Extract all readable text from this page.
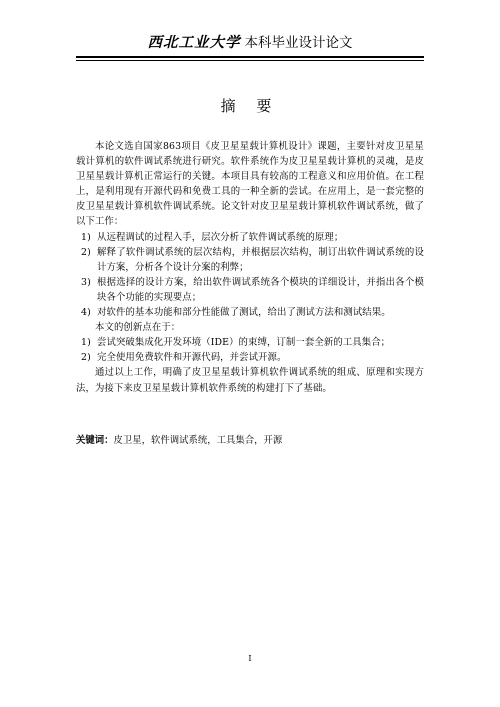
西北工业大学 本科毕业设计论文
摘 要

本论文选自国家863项目《皮卫星星载计算机设计》课题，主要针对皮卫星星载计算机的软件调试系统进行研究。软件系统作为皮卫星星载计算机的灵魂，是皮卫星星载计算机正常运行的关键。本项目具有较高的工程意义和应用价值。在工程上，是利用现有开源代码和免费工具的一种全新的尝试。在应用上，是一套完整的皮卫星星载计算机软件调试系统。论文针对皮卫星星载计算机软件调试系统，做了以下工作：

1) 从远程调试的过程入手，层次分析了软件调试系统的原理；
2) 解释了软件调试系统的层次结构，并根据层次结构，制订出软件调试系统的设计方案，分析各个设计分案的利弊；
3) 根据选择的设计方案，给出软件调试系统各个模块的详细设计，并指出各个模块各个功能的实现要点；
4) 对软件的基本功能和部分性能做了测试，给出了测试方法和测试结果。

本文的创新点在于：

1) 尝试突破集成化开发环境（IDE）的束缚，订制一套全新的工具集合；
2) 完全使用免费软件和开源代码，并尝试开源。

通过以上工作，明确了皮卫星星载计算机软件调试系统的组成、原理和实现方法，为接下来皮卫星星载计算机软件系统的构建打下了基础。

关键词：皮卫星，软件调试系统，工具集合，开源
I
